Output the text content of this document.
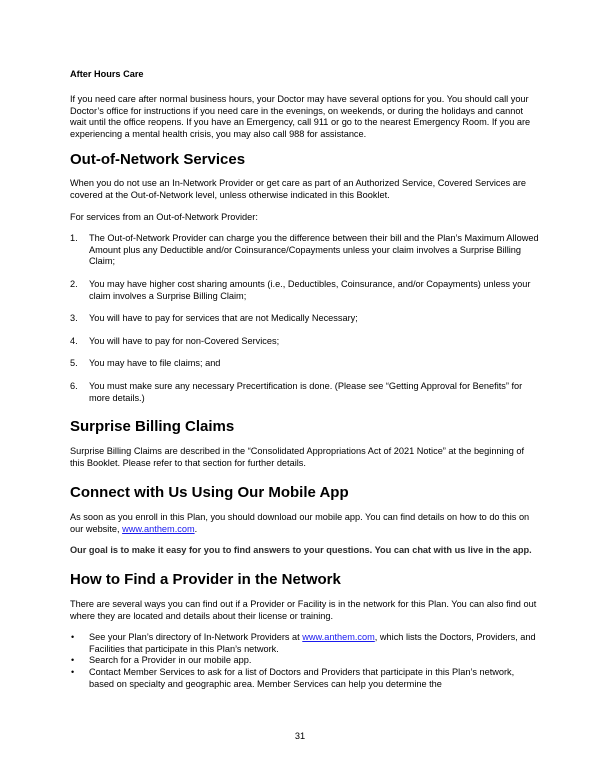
After Hours Care

If you need care after normal business hours, your Doctor may have several options for you. You should call your Doctor’s office for instructions if you need care in the evenings, on weekends, or during the holidays and cannot wait until the office reopens. If you have an Emergency, call 911 or go to the nearest Emergency Room. If you are experiencing a mental health crisis, you may also call 988 for assistance.

Out-of-Network Services

When you do not use an In-Network Provider or get care as part of an Authorized Service, Covered Services are covered at the Out-of-Network level, unless otherwise indicated in this Booklet.

For services from an Out-of-Network Provider:

1. The Out-of-Network Provider can charge you the difference between their bill and the Plan’s Maximum Allowed Amount plus any Deductible and/or Coinsurance/Copayments unless your claim involves a Surprise Billing Claim;
2. You may have higher cost sharing amounts (i.e., Deductibles, Coinsurance, and/or Copayments) unless your claim involves a Surprise Billing Claim;
3. You will have to pay for services that are not Medically Necessary;
4. You will have to pay for non-Covered Services;
5. You may have to file claims; and
6. You must make sure any necessary Precertification is done. (Please see “Getting Approval for Benefits” for more details.)
Surprise Billing Claims

Surprise Billing Claims are described in the “Consolidated Appropriations Act of 2021 Notice” at the beginning of this Booklet. Please refer to that section for further details.

Connect with Us Using Our Mobile App

As soon as you enroll in this Plan, you should download our mobile app. You can find details on how to do this on our website, www.anthem.com.

Our goal is to make it easy for you to find answers to your questions. You can chat with us live in the app.

How to Find a Provider in the Network

There are several ways you can find out if a Provider or Facility is in the network for this Plan. You can also find out where they are located and details about their license or training.

• See your Plan’s directory of In-Network Providers at www.anthem.com, which lists the Doctors, Providers, and Facilities that participate in this Plan’s network.
• Search for a Provider in our mobile app.
• Contact Member Services to ask for a list of Doctors and Providers that participate in this Plan’s network, based on specialty and geographic area. Member Services can help you determine the
31
